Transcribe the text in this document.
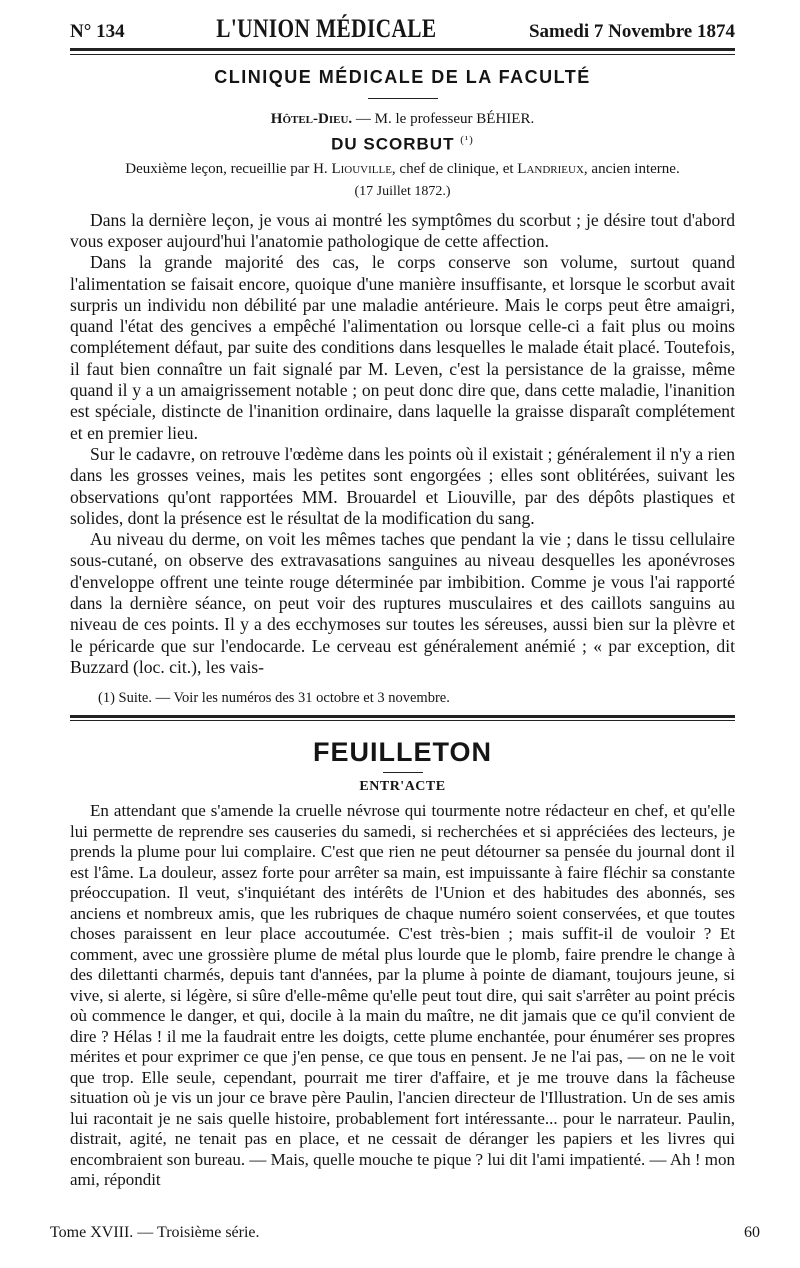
N° 134	L'UNION MÉDICALE	Samedi 7 Novembre 1874
CLINIQUE MÉDICALE DE LA FACULTÉ
Hôtel-Dieu. — M. le professeur BÉHIER.
DU SCORBUT $^{(^1)}$
Deuxième leçon, recueillie par H. Liouville, chef de clinique, et Landrieux, ancien interne.
(17 Juillet 1872.)

Dans la dernière leçon, je vous ai montré les symptômes du scorbut ; je désire tout d'abord vous exposer aujourd'hui l'anatomie pathologique de cette affection.

Dans la grande majorité des cas, le corps conserve son volume, surtout quand l'alimentation se faisait encore, quoique d'une manière insuffisante, et lorsque le scorbut avait surpris un individu non débilité par une maladie antérieure. Mais le corps peut être amaigri, quand l'état des gencives a empêché l'alimentation ou lorsque celle-ci a fait plus ou moins complétement défaut, par suite des conditions dans lesquelles le malade était placé. Toutefois, il faut bien connaître un fait signalé par M. Leven, c'est la persistance de la graisse, même quand il y a un amaigrissement notable ; on peut donc dire que, dans cette maladie, l'inanition est spéciale, distincte de l'inanition ordinaire, dans laquelle la graisse disparaît complétement et en premier lieu.

Sur le cadavre, on retrouve l'œdème dans les points où il existait ; généralement il n'y a rien dans les grosses veines, mais les petites sont engorgées ; elles sont oblitérées, suivant les observations qu'ont rapportées MM. Brouardel et Liouville, par des dépôts plastiques et solides, dont la présence est le résultat de la modification du sang.

Au niveau du derme, on voit les mêmes taches que pendant la vie ; dans le tissu cellulaire sous-cutané, on observe des extravasations sanguines au niveau desquelles les aponévroses d'enveloppe offrent une teinte rouge déterminée par imbibition. Comme je vous l'ai rapporté dans la dernière séance, on peut voir des ruptures musculaires et des caillots sanguins au niveau de ces points. Il y a des ecchymoses sur toutes les séreuses, aussi bien sur la plèvre et le péricarde que sur l'endocarde. Le cerveau est généralement anémié ; « par exception, dit Buzzard (loc. cit.), les vais-

(1) Suite. — Voir les numéros des 31 octobre et 3 novembre.
FEUILLETON
ENTR'ACTE

En attendant que s'amende la cruelle névrose qui tourmente notre rédacteur en chef, et qu'elle lui permette de reprendre ses causeries du samedi, si recherchées et si appréciées des lecteurs, je prends la plume pour lui complaire. C'est que rien ne peut détourner sa pensée du journal dont il est l'âme. La douleur, assez forte pour arrêter sa main, est impuissante à faire fléchir sa constante préoccupation. Il veut, s'inquiétant des intérêts de l'Union et des habitudes des abonnés, ses anciens et nombreux amis, que les rubriques de chaque numéro soient conservées, et que toutes choses paraissent en leur place accoutumée. C'est très-bien ; mais suffit-il de vouloir ? Et comment, avec une grossière plume de métal plus lourde que le plomb, faire prendre le change à des dilettanti charmés, depuis tant d'années, par la plume à pointe de diamant, toujours jeune, si vive, si alerte, si légère, si sûre d'elle-même qu'elle peut tout dire, qui sait s'arrêter au point précis où commence le danger, et qui, docile à la main du maître, ne dit jamais que ce qu'il convient de dire ? Hélas ! il me la faudrait entre les doigts, cette plume enchantée, pour énumérer ses propres mérites et pour exprimer ce que j'en pense, ce que tous en pensent. Je ne l'ai pas, — on ne le voit que trop. Elle seule, cependant, pourrait me tirer d'affaire, et je me trouve dans la fâcheuse situation où je vis un jour ce brave père Paulin, l'ancien directeur de l'Illustration. Un de ses amis lui racontait je ne sais quelle histoire, probablement fort intéressante... pour le narrateur. Paulin, distrait, agité, ne tenait pas en place, et ne cessait de déranger les papiers et les livres qui encombraient son bureau. — Mais, quelle mouche te pique ? lui dit l'ami impatienté. — Ah ! mon ami, répondit

Tome XVIII. — Troisième série.	60
